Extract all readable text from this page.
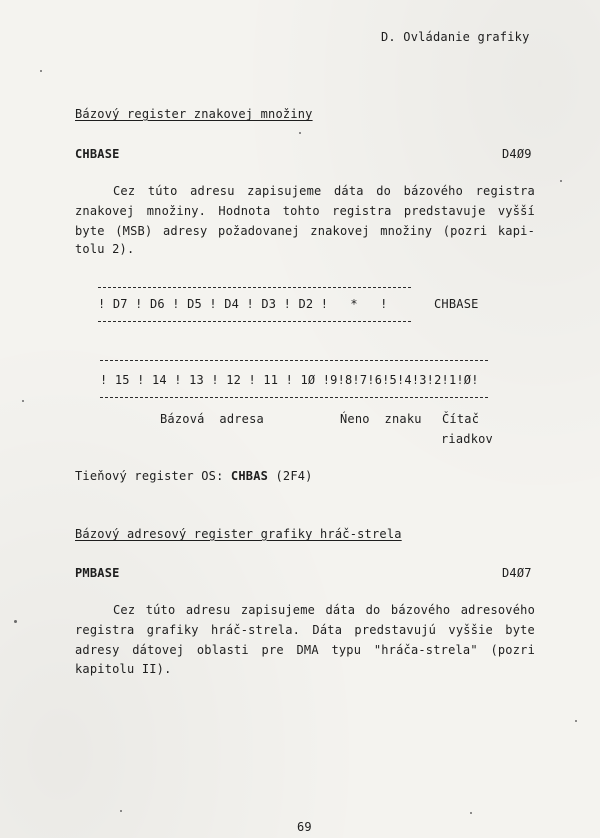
D. Ovládanie grafiky
Bázový register znakovej množiny
CHBASE	D4Ø9
Cez túto adresu zapisujeme dáta do bázového registra
znakovej množiny. Hodnota tohto registra predstavuje vyšší
byte (MSB) adresy požadovanej znakovej množiny (pozri kapi-
tolu 2).
! D7 ! D6 ! D5 ! D4 ! D3 ! D2 !   *   !	CHBASE
! 15 ! 14 ! 13 ! 12 ! 11 ! 1Ø !9!8!7!6!5!4!3!2!1!Ø!
Bázová  adresa	Ńeno  znaku Čítač
riadkov
Tieňový register OS: CHBAS (2F4)
Bázový adresový register grafiky hráč-strela
PMBASE	D4Ø7
Cez túto adresu zapisujeme dáta do bázového adresového
registra grafiky hráč-strela. Dáta predstavujú vyššie byte
adresy dátovej oblasti pre DMA typu "hráča-strela" (pozri
kapitolu II).
69
